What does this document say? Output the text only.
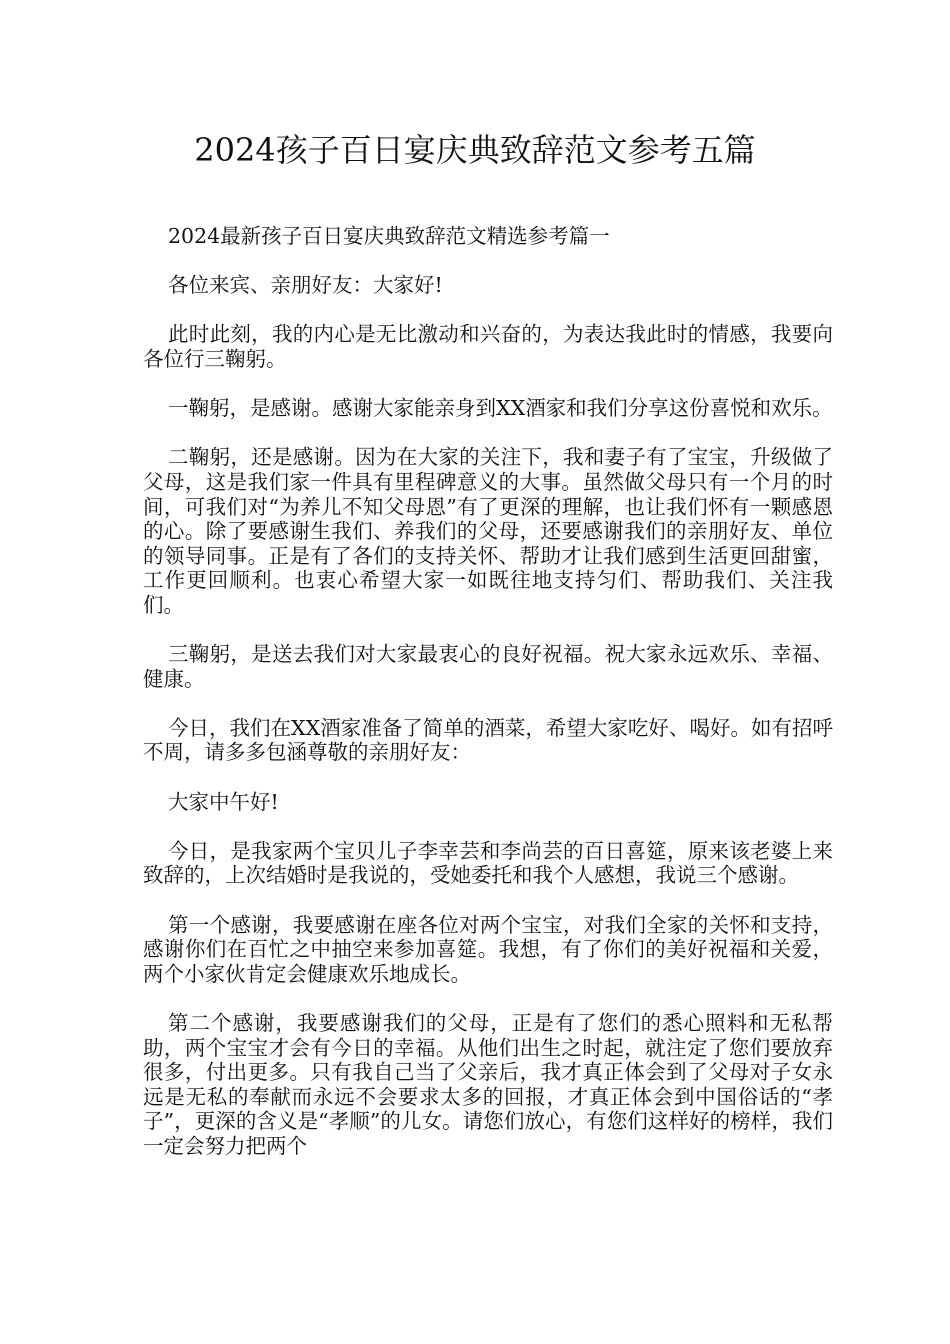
2024孩子百日宴庆典致辞范文参考五篇

2024最新孩子百日宴庆典致辞范文精选参考篇一

各位来宾、亲朋好友：大家好!

此时此刻，我的内心是无比激动和兴奋的，为表达我此时的情感，我要向各位行三鞠躬。

一鞠躬，是感谢。感谢大家能亲身到XX酒家和我们分享这份喜悦和欢乐。

二鞠躬，还是感谢。因为在大家的关注下，我和妻子有了宝宝，升级做了父母，这是我们家一件具有里程碑意义的大事。虽然做父母只有一个月的时间，可我们对“为养儿不知父母恩”有了更深的理解，也让我们怀有一颗感恩的心。除了要感谢生我们、养我们的父母，还要感谢我们的亲朋好友、单位的领导同事。正是有了各们的支持关怀、帮助才让我们感到生活更回甜蜜，工作更回顺利。也衷心希望大家一如既往地支持匀们、帮助我们、关注我们。

三鞠躬，是送去我们对大家最衷心的良好祝福。祝大家永远欢乐、幸福、健康。

今日，我们在XX酒家准备了简单的酒菜，希望大家吃好、喝好。如有招呼不周，请多多包涵尊敬的亲朋好友：

大家中午好!

今日，是我家两个宝贝儿子李幸芸和李尚芸的百日喜筵，原来该老婆上来致辞的，上次结婚时是我说的，受她委托和我个人感想，我说三个感谢。

第一个感谢，我要感谢在座各位对两个宝宝，对我们全家的关怀和支持，感谢你们在百忙之中抽空来参加喜筵。我想，有了你们的美好祝福和关爱，两个小家伙肯定会健康欢乐地成长。

第二个感谢，我要感谢我们的父母，正是有了您们的悉心照料和无私帮助，两个宝宝才会有今日的幸福。从他们出生之时起，就注定了您们要放弃很多，付出更多。只有我自己当了父亲后，我才真正体会到了父母对子女永远是无私的奉献而永远不会要求太多的回报，才真正体会到中国俗话的“孝子”，更深的含义是“孝顺”的儿女。请您们放心，有您们这样好的榜样，我们一定会努力把两个
